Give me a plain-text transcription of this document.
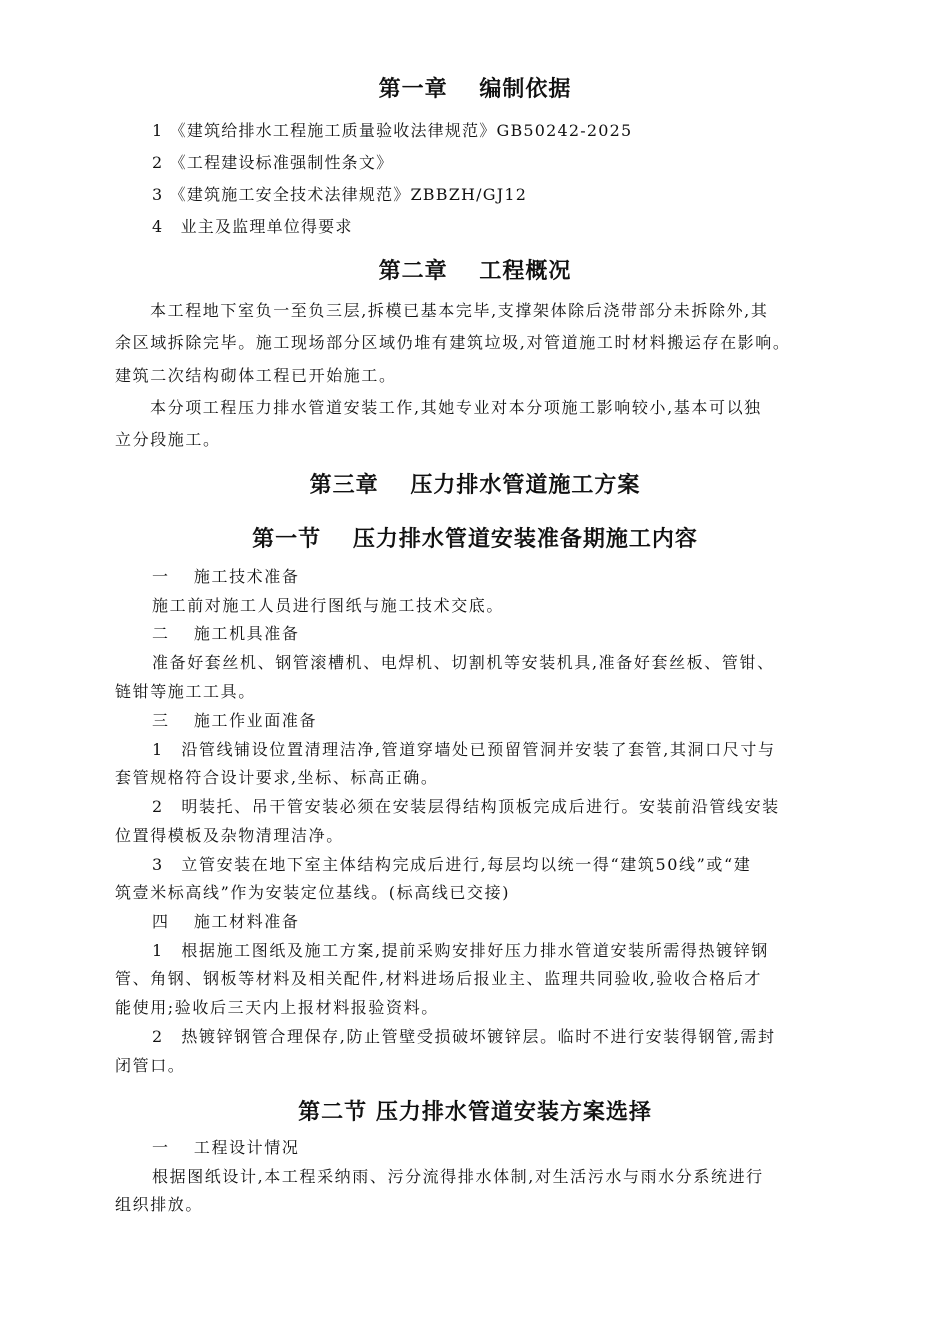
第一章　 编制依据
1 《建筑给排水工程施工质量验收法律规范》GB50242-2025
2 《工程建设标准强制性条文》
3 《建筑施工安全技术法律规范》ZBBZH/GJ12
4　业主及监理单位得要求
第二章　 工程概况
本工程地下室负一至负三层,拆模已基本完毕,支撑架体除后浇带部分未拆除外,其
余区域拆除完毕。施工现场部分区域仍堆有建筑垃圾,对管道施工时材料搬运存在影响。
建筑二次结构砌体工程已开始施工。
本分项工程压力排水管道安装工作,其她专业对本分项施工影响较小,基本可以独
立分段施工。
第三章　 压力排水管道施工方案
第一节　 压力排水管道安装准备期施工内容
一　 施工技术准备
施工前对施工人员进行图纸与施工技术交底。
二　 施工机具准备
准备好套丝机、钢管滚槽机、电焊机、切割机等安装机具,准备好套丝板、管钳、
链钳等施工工具。
三　 施工作业面准备
1　沿管线铺设位置清理洁净,管道穿墙处已预留管洞并安装了套管,其洞口尺寸与
套管规格符合设计要求,坐标、标高正确。
2　明装托、吊干管安装必须在安装层得结构顶板完成后进行。安装前沿管线安装
位置得模板及杂物清理洁净。
3　立管安装在地下室主体结构完成后进行,每层均以统一得“建筑50线”或“建
筑壹米标高线”作为安装定位基线。(标高线已交接)
四　 施工材料准备
1　根据施工图纸及施工方案,提前采购安排好压力排水管道安装所需得热镀锌钢
管、角钢、钢板等材料及相关配件,材料进场后报业主、监理共同验收,验收合格后才
能使用;验收后三天内上报材料报验资料。
2　热镀锌钢管合理保存,防止管壁受损破坏镀锌层。临时不进行安装得钢管,需封
闭管口。
第二节 压力排水管道安装方案选择
一　 工程设计情况
根据图纸设计,本工程采纳雨、污分流得排水体制,对生活污水与雨水分系统进行
组织排放。
